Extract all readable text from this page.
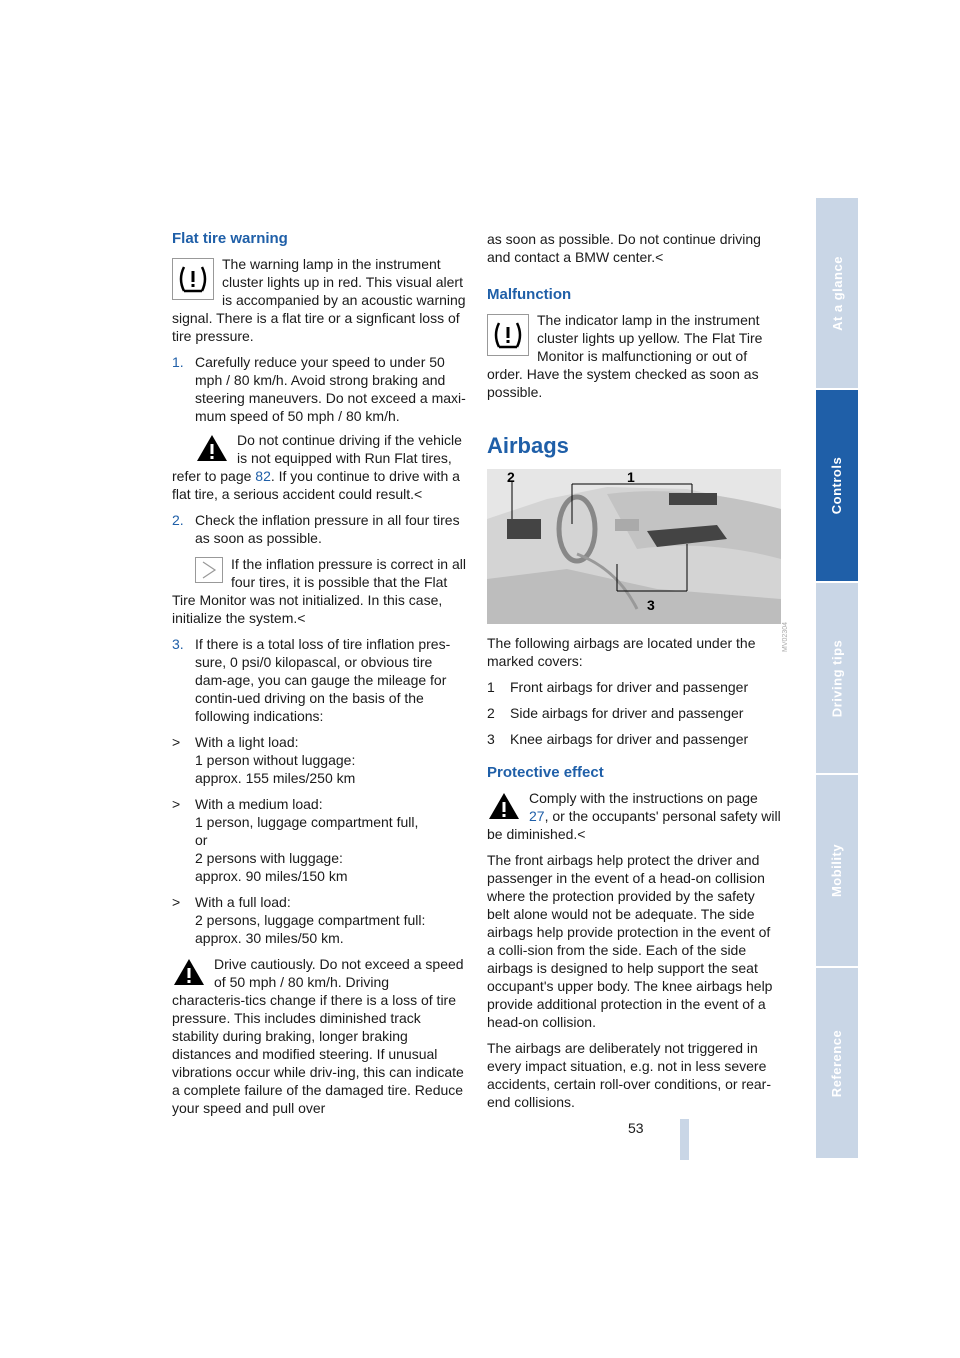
At a glance
Controls
Driving tips
Mobility
Reference
53
Flat tire warning

The warning lamp in the instrument cluster lights up in red. This visual alert is accompanied by an acoustic warning signal. There is a flat tire or a signficant loss of tire pressure.

1. Carefully reduce your speed to under 50 mph / 80 km/h. Avoid strong braking and steering maneuvers. Do not exceed a maxi-mum speed of 50 mph / 80 km/h.

Do not continue driving if the vehicle is not equipped with Run Flat tires, refer to page 82. If you continue to drive with a flat tire, a serious accident could result.<

2. Check the inflation pressure in all four tires as soon as possible.

If the inflation pressure is correct in all four tires, it is possible that the Flat Tire Monitor was not initialized. In this case, initialize the system.<

3. If there is a total loss of tire inflation pres-sure, 0 psi/0 kilopascal, or obvious tire dam-age, you can gauge the mileage for contin-ued driving on the basis of the following indications:
> With a light load:
1 person without luggage:
approx. 155 miles/250 km
> With a medium load:
1 person, luggage compartment full,
or
2 persons with luggage:
approx. 90 miles/150 km
> With a full load:
2 persons, luggage compartment full:
approx. 30 miles/50 km.

Drive cautiously. Do not exceed a speed of 50 mph / 80 km/h. Driving characteris-tics change if there is a loss of tire pressure. This includes diminished track stability during braking, longer braking distances and modified steering. If unusual vibrations occur while driv-ing, this can indicate a complete failure of the damaged tire. Reduce your speed and pull over

as soon as possible. Do not continue driving and contact a BMW center.<

Malfunction

The indicator lamp in the instrument cluster lights up yellow. The Flat Tire Monitor is malfunctioning or out of order. Have the system checked as soon as possible.

Airbags
1
2
3
MV02304

The following airbags are located under the marked covers:

1 Front airbags for driver and passenger
2 Side airbags for driver and passenger
3 Knee airbags for driver and passenger
Protective effect

Comply with the instructions on page 27, or the occupants' personal safety will be diminished.<

The front airbags help protect the driver and passenger in the event of a head-on collision where the protection provided by the safety belt alone would not be adequate. The side airbags help provide protection in the event of a colli-sion from the side. Each of the side airbags is designed to help support the seat occupant's upper body. The knee airbags help provide additional protection in the event of a head-on collision.

The airbags are deliberately not triggered in every impact situation, e.g. not in less severe accidents, certain roll-over conditions, or rear-end collisions.
